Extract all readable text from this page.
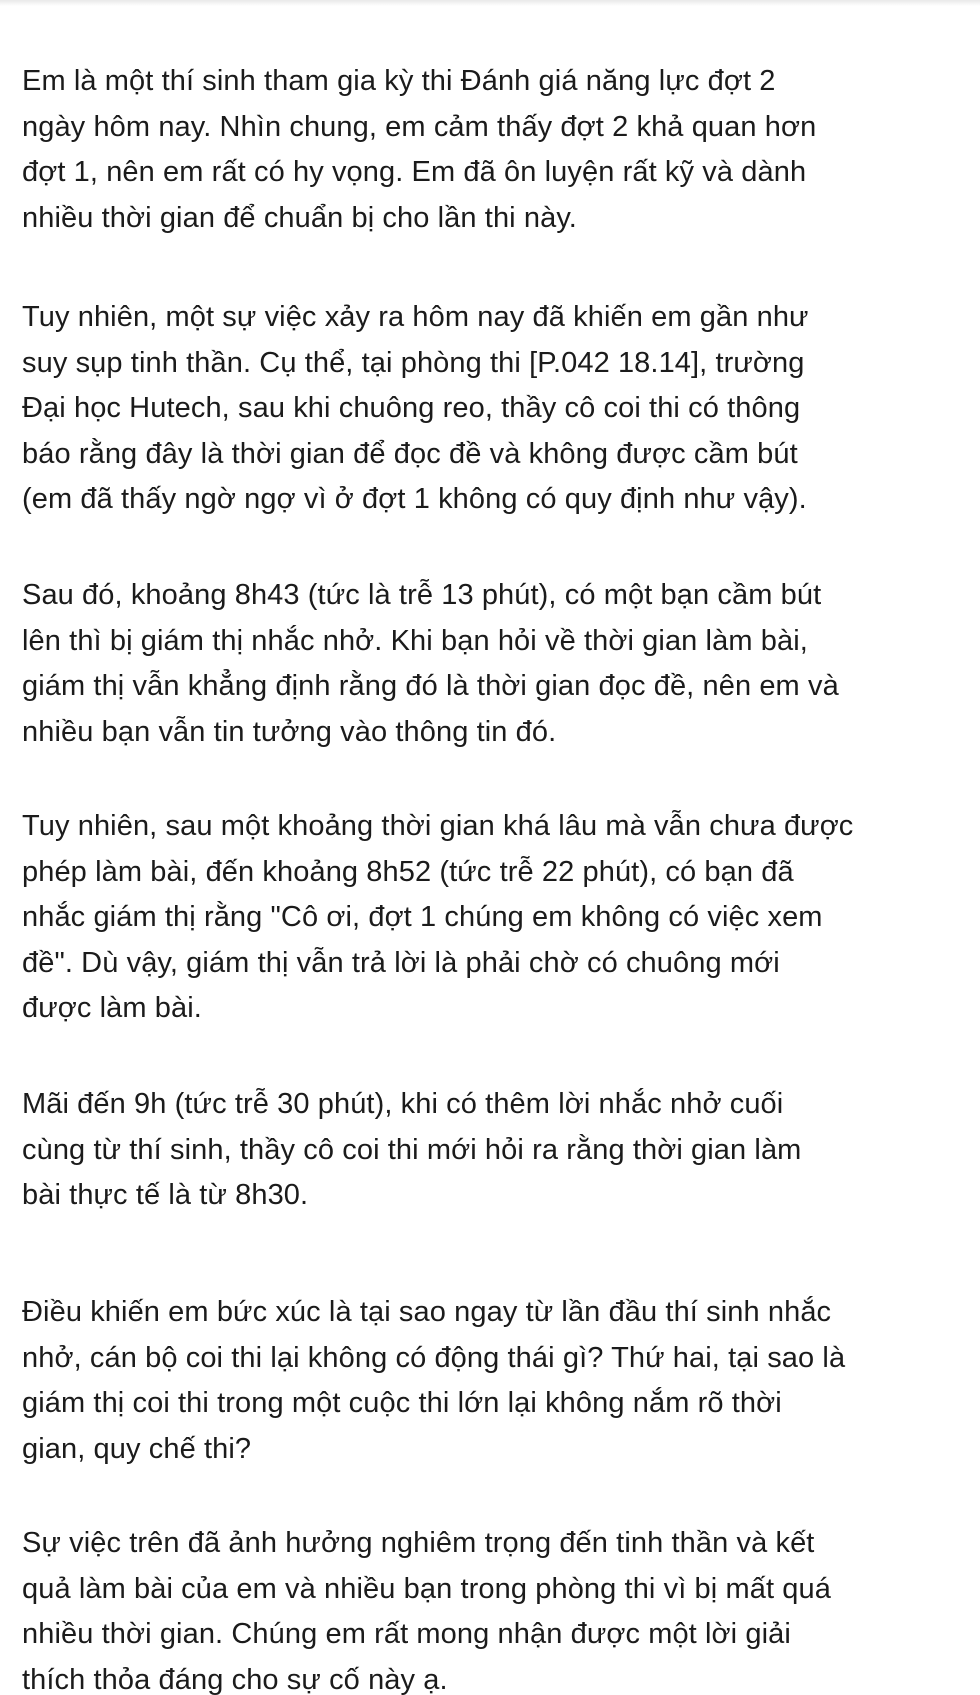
Em là một thí sinh tham gia kỳ thi Đánh giá năng lực đợt 2
ngày hôm nay. Nhìn chung, em cảm thấy đợt 2 khả quan hơn
đợt 1, nên em rất có hy vọng. Em đã ôn luyện rất kỹ và dành
nhiều thời gian để chuẩn bị cho lần thi này.

Tuy nhiên, một sự việc xảy ra hôm nay đã khiến em gần như
suy sụp tinh thần. Cụ thể, tại phòng thi [P.042 18.14], trường
Đại học Hutech, sau khi chuông reo, thầy cô coi thi có thông
báo rằng đây là thời gian để đọc đề và không được cầm bút
(em đã thấy ngờ ngợ vì ở đợt 1 không có quy định như vậy).

Sau đó, khoảng 8h43 (tức là trễ 13 phút), có một bạn cầm bút
lên thì bị giám thị nhắc nhở. Khi bạn hỏi về thời gian làm bài,
giám thị vẫn khẳng định rằng đó là thời gian đọc đề, nên em và
nhiều bạn vẫn tin tưởng vào thông tin đó.

Tuy nhiên, sau một khoảng thời gian khá lâu mà vẫn chưa được
phép làm bài, đến khoảng 8h52 (tức trễ 22 phút), có bạn đã
nhắc giám thị rằng "Cô ơi, đợt 1 chúng em không có việc xem
đề". Dù vậy, giám thị vẫn trả lời là phải chờ có chuông mới
được làm bài.

Mãi đến 9h (tức trễ 30 phút), khi có thêm lời nhắc nhở cuối
cùng từ thí sinh, thầy cô coi thi mới hỏi ra rằng thời gian làm
bài thực tế là từ 8h30.

Điều khiến em bức xúc là tại sao ngay từ lần đầu thí sinh nhắc
nhở, cán bộ coi thi lại không có động thái gì? Thứ hai, tại sao là
giám thị coi thi trong một cuộc thi lớn lại không nắm rõ thời
gian, quy chế thi?

Sự việc trên đã ảnh hưởng nghiêm trọng đến tinh thần và kết
quả làm bài của em và nhiều bạn trong phòng thi vì bị mất quá
nhiều thời gian. Chúng em rất mong nhận được một lời giải
thích thỏa đáng cho sự cố này ạ.
